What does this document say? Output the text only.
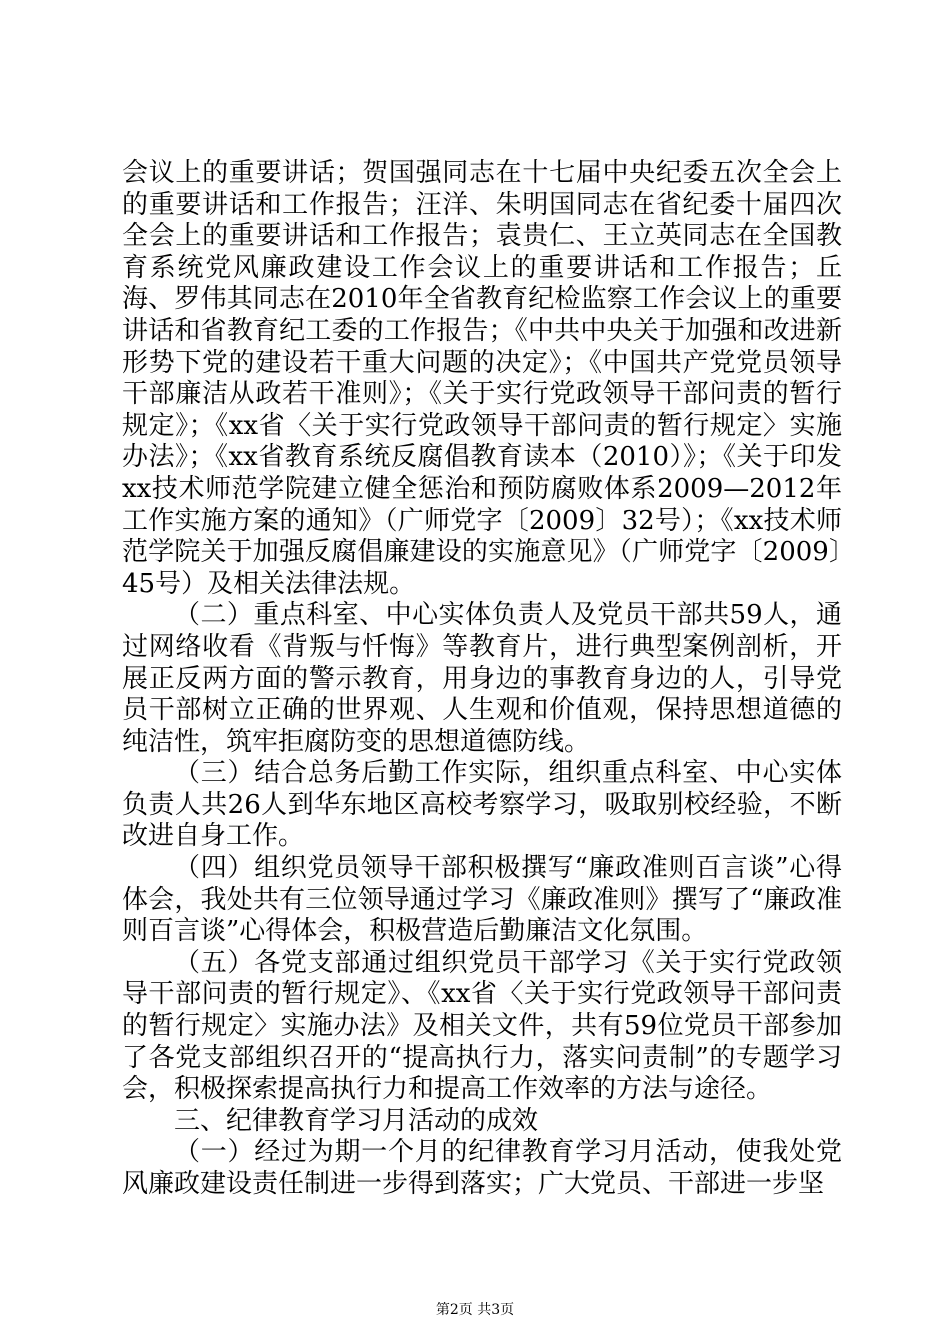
会议上的重要讲话；贺国强同志在十七届中央纪委五次全会上的重要讲话和工作报告；汪洋、朱明国同志在省纪委十届四次全会上的重要讲话和工作报告；袁贵仁、王立英同志在全国教育系统党风廉政建设工作会议上的重要讲话和工作报告；丘海、罗伟其同志在2010年全省教育纪检监察工作会议上的重要讲话和省教育纪工委的工作报告；《中共中央关于加强和改进新形势下党的建设若干重大问题的决定》；《中国共产党党员领导干部廉洁从政若干准则》；《关于实行党政领导干部问责的暂行规定》；《xx省〈关于实行党政领导干部问责的暂行规定〉实施办法》；《xx省教育系统反腐倡教育读本（2010）》；《关于印发xx技术师范学院建立健全惩治和预防腐败体系2009—2012年工作实施方案的通知》（广师党字〔2009〕32号）；《xx技术师范学院关于加强反腐倡廉建设的实施意见》（广师党字〔2009〕45号）及相关法律法规。

（二）重点科室、中心实体负责人及党员干部共59人，通过网络收看《背叛与忏悔》等教育片，进行典型案例剖析，开展正反两方面的警示教育，用身边的事教育身边的人，引导党员干部树立正确的世界观、人生观和价值观，保持思想道德的纯洁性，筑牢拒腐防变的思想道德防线。

（三）结合总务后勤工作实际，组织重点科室、中心实体负责人共26人到华东地区高校考察学习，吸取别校经验，不断改进自身工作。

（四）组织党员领导干部积极撰写“廉政准则百言谈”心得体会，我处共有三位领导通过学习《廉政准则》撰写了“廉政准则百言谈”心得体会，积极营造后勤廉洁文化氛围。

（五）各党支部通过组织党员干部学习《关于实行党政领导干部问责的暂行规定》、《xx省〈关于实行党政领导干部问责的暂行规定〉实施办法》及相关文件，共有59位党员干部参加了各党支部组织召开的“提高执行力，落实问责制”的专题学习会，积极探索提高执行力和提高工作效率的方法与途径。

三、纪律教育学习月活动的成效

（一）经过为期一个月的纪律教育学习月活动，使我处党风廉政建设责任制进一步得到落实；广大党员、干部进一步坚

第2页 共3页
